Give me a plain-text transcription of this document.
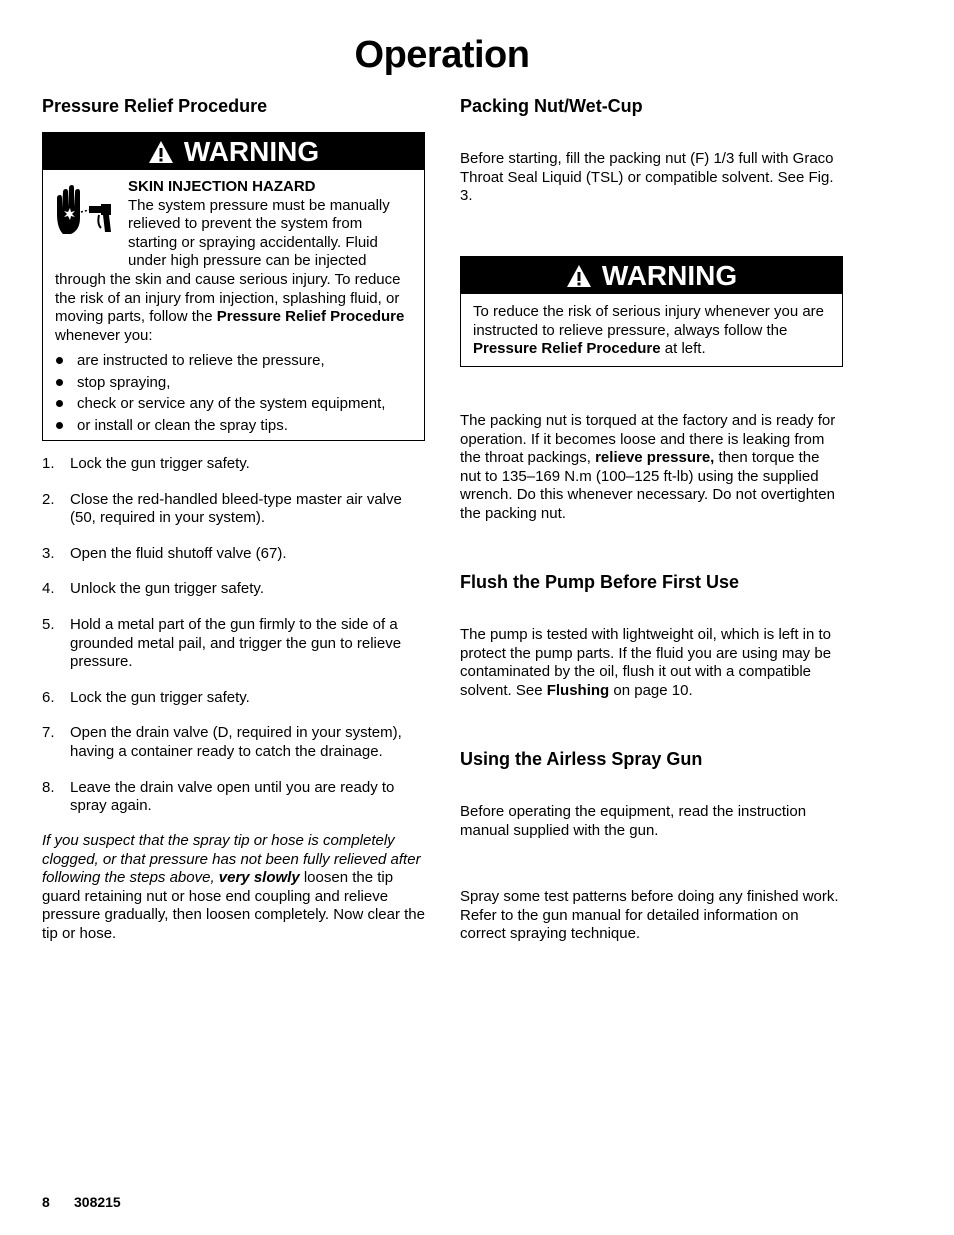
Operation
Pressure Relief Procedure
WARNING
SKIN INJECTION HAZARD
The system pressure must be manually relieved to prevent the system from starting or spraying accidentally. Fluid under high pressure can be injected through the skin and cause serious injury. To reduce the risk of an injury from injection, splashing fluid, or moving parts, follow the Pressure Relief Procedure whenever you:
are instructed to relieve the pressure,
stop spraying,
check or service any of the system equipment,
or install or clean the spray tips.
1.	Lock the gun trigger safety.
2.	Close the red-handled bleed-type master air valve (50, required in your system).
3.	Open the fluid shutoff valve (67).
4.	Unlock the gun trigger safety.
5.	Hold a metal part of the gun firmly to the side of a grounded metal pail, and trigger the gun to relieve pressure.
6.	Lock the gun trigger safety.
7.	Open the drain valve (D, required in your system), having a container ready to catch the drainage.
8.	Leave the drain valve open until you are ready to spray again.
If you suspect that the spray tip or hose is completely clogged, or that pressure has not been fully relieved after following the steps above, very slowly loosen the tip guard retaining nut or hose end coupling and relieve pressure gradually, then loosen completely. Now clear the tip or hose.
Packing Nut/Wet-Cup
Before starting, fill the packing nut (F) 1/3 full with Graco Throat Seal Liquid (TSL) or compatible solvent. See Fig. 3.
WARNING
To reduce the risk of serious injury whenever you are instructed to relieve pressure, always follow the Pressure Relief Procedure at left.
The packing nut is torqued at the factory and is ready for operation. If it becomes loose and there is leaking from the throat packings, relieve pressure, then torque the nut to 135–169 N.m (100–125 ft-lb) using the supplied wrench. Do this whenever necessary. Do not overtighten the packing nut.
Flush the Pump Before First Use
The pump is tested with lightweight oil, which is left in to protect the pump parts. If the fluid you are using may be contaminated by the oil, flush it out with a compatible solvent. See Flushing on page 10.
Using the Airless Spray Gun
Before operating the equipment, read the instruction manual supplied with the gun.
Spray some test patterns before doing any finished work. Refer to the gun manual for detailed information on correct spraying technique.
8 308215
